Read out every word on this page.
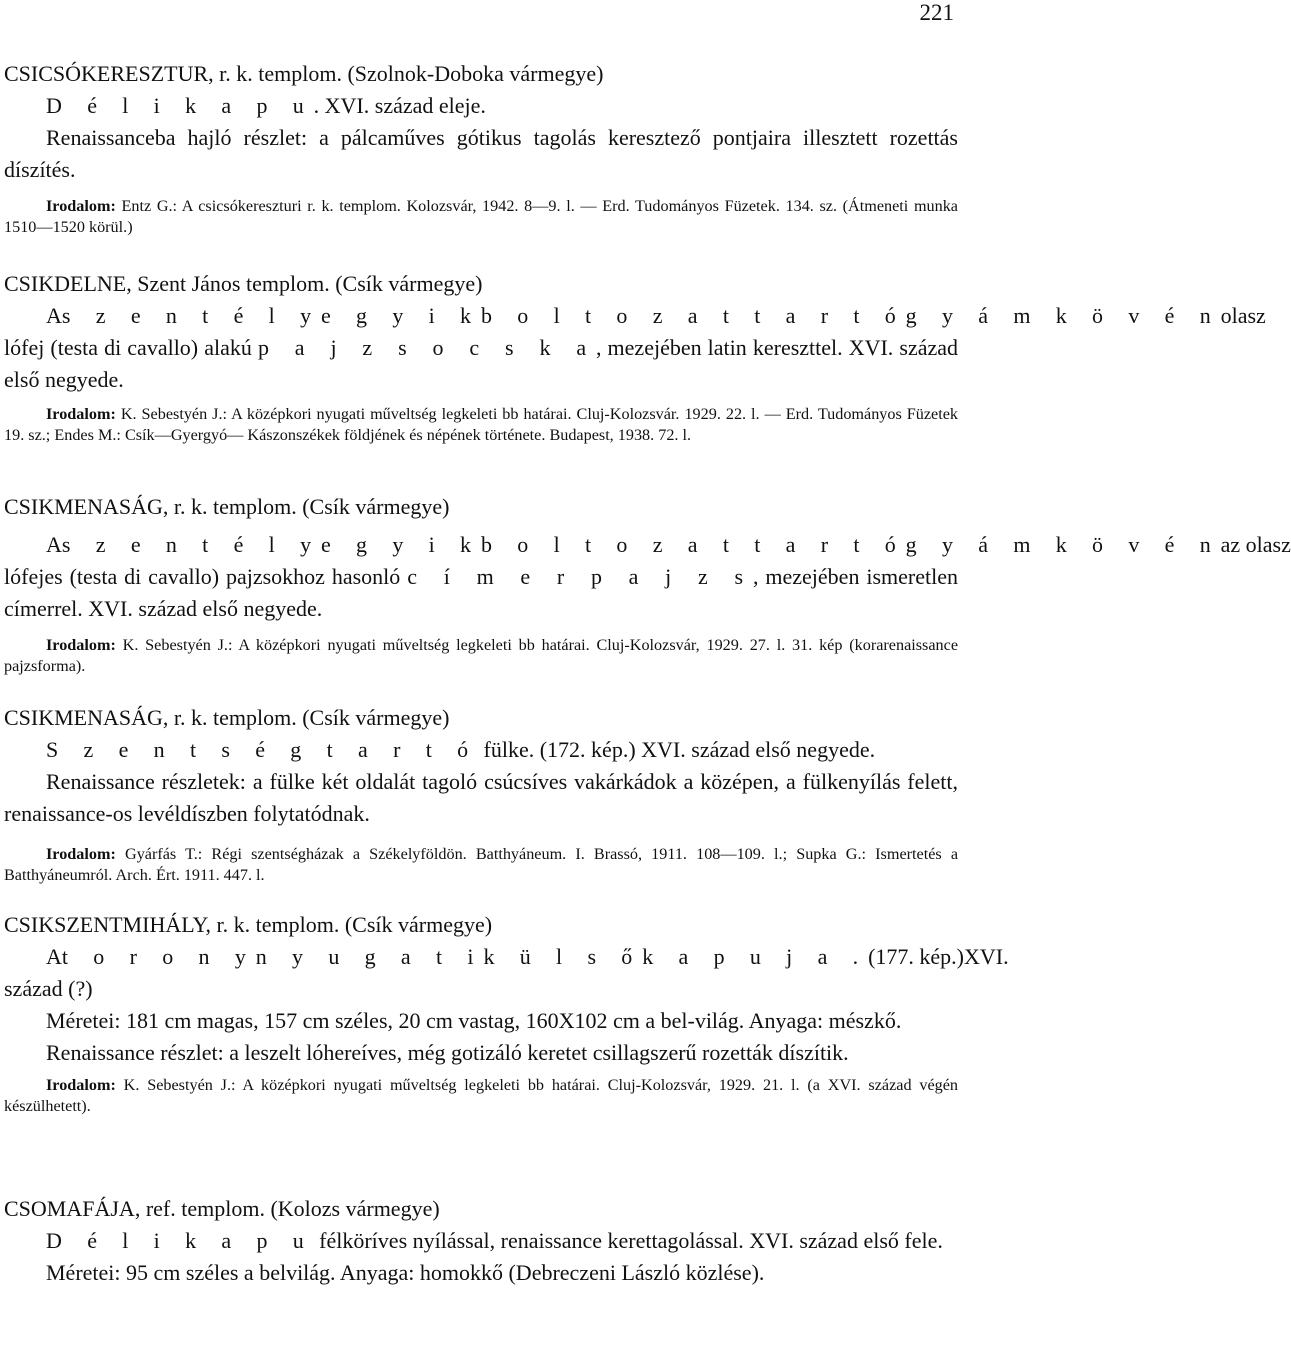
221

CSICSÓKERESZTUR, r. k. templom. (Szolnok-Doboka vármegye)

D é l i k a p u. XVI. század eleje.

Renaissanceba hajló részlet: a pálcaműves gótikus tagolás keresztező pontjaira illesztett rozettás díszítés.

Irodalom: Entz G.: A csicsókereszturi r. k. templom. Kolozsvár, 1942. 8—9. l. — Erd. Tudományos Füzetek. 134. sz. (Átmeneti munka 1510—1520 körül.)

CSIKDELNE, Szent János templom. (Csík vármegye)

A s z e n t é l y e g y i k b o l t o z a t t a r t ó g y á m k ö v é n olasz

lófej (testa di cavallo) alakú p a j z s o c s k a, mezejében latin kereszttel. XVI. század első negyede.

Irodalom: K. Sebestyén J.: A középkori nyugati műveltség legkeleti bb határai. Cluj-Kolozsvár. 1929. 22. l. — Erd. Tudományos Füzetek 19. sz.; Endes M.: Csík—Gyergyó— Kászonszékek földjének és népének története. Budapest, 1938. 72. l.

CSIKMENASÁG, r. k. templom. (Csík vármegye)

A s z e n t é l y e g y i k b o l t o z a t t a r t ó g y á m k ö v é n az olasz

lófejes (testa di cavallo) pajzsokhoz hasonló c í m e r p a j z s, mezejében ismeretlen címerrel. XVI. század első negyede.

Irodalom: K. Sebestyén J.: A középkori nyugati műveltség legkeleti bb határai. Cluj-Kolozsvár, 1929. 27. l. 31. kép (korarenaissance pajzsforma).

CSIKMENASÁG, r. k. templom. (Csík vármegye)

S z e n t s é g t a r t ó fülke. (172. kép.) XVI. század első negyede.

Renaissance részletek: a fülke két oldalát tagoló csúcsíves vakárkádok a középen, a fülkenyílás felett, renaissance-os levéldíszben folytatódnak.

Irodalom: Gyárfás T.: Régi szentségházak a Székelyföldön. Batthyáneum. I. Brassó, 1911. 108—109. l.; Supka G.: Ismertetés a Batthyáneumról. Arch. Ért. 1911. 447. l.

CSIKSZENTMIHÁLY, r. k. templom. (Csík vármegye)

A t o r o n y n y u g a t i k ü l s ő k a p u j a . (177. kép.) XVI.

század (?)

Méretei: 181 cm magas, 157 cm széles, 20 cm vastag, 160X102 cm a bel-világ. Anyaga: mészkő.

Renaissance részlet: a leszelt lóhereíves, még gotizáló keretet csillagszerű rozetták díszítik.

Irodalom: K. Sebestyén J.: A középkori nyugati műveltség legkeleti bb határai. Cluj-Kolozsvár, 1929. 21. l. (a XVI. század végén készülhetett).

CSOMAFÁJA, ref. templom. (Kolozs vármegye)

D é l i k a p u félköríves nyílással, renaissance kerettagolással. XVI. század első fele.

Méretei: 95 cm széles a belvilág. Anyaga: homokkő (Debreczeni László közlése).
